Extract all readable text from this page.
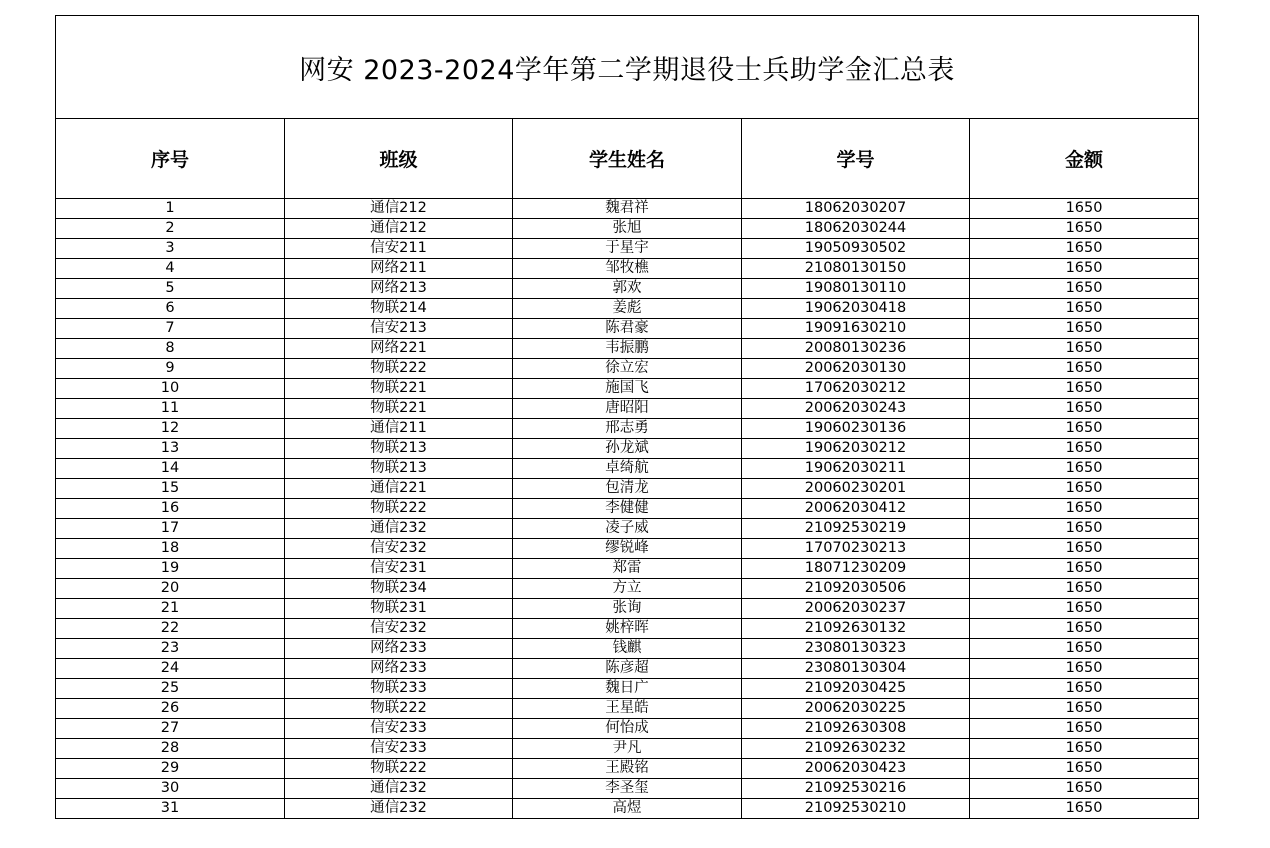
网安 2023-2024学年第二学期退役士兵助学金汇总表				
序号	班级	学生姓名	学号	金额
1	通信212	魏君祥	18062030207	1650
2	通信212	张旭	18062030244	1650
3	信安211	于星宇	19050930502	1650
4	网络211	邹牧樵	21080130150	1650
5	网络213	郭欢	19080130110	1650
6	物联214	姜彪	19062030418	1650
7	信安213	陈君豪	19091630210	1650
8	网络221	韦振鹏	20080130236	1650
9	物联222	徐立宏	20062030130	1650
10	物联221	施国飞	17062030212	1650
11	物联221	唐昭阳	20062030243	1650
12	通信211	邢志勇	19060230136	1650
13	物联213	孙龙斌	19062030212	1650
14	物联213	卓绮航	19062030211	1650
15	通信221	包清龙	20060230201	1650
16	物联222	李健健	20062030412	1650
17	通信232	凌子威	21092530219	1650
18	信安232	缪锐峰	17070230213	1650
19	信安231	郑雷	18071230209	1650
20	物联234	方立	21092030506	1650
21	物联231	张询	20062030237	1650
22	信安232	姚梓晖	21092630132	1650
23	网络233	钱麒	23080130323	1650
24	网络233	陈彦超	23080130304	1650
25	物联233	魏日广	21092030425	1650
26	物联222	王星皓	20062030225	1650
27	信安233	何怡成	21092630308	1650
28	信安233	尹凡	21092630232	1650
29	物联222	王殿铭	20062030423	1650
30	通信232	李圣玺	21092530216	1650
31	通信232	高煜	21092530210	1650
